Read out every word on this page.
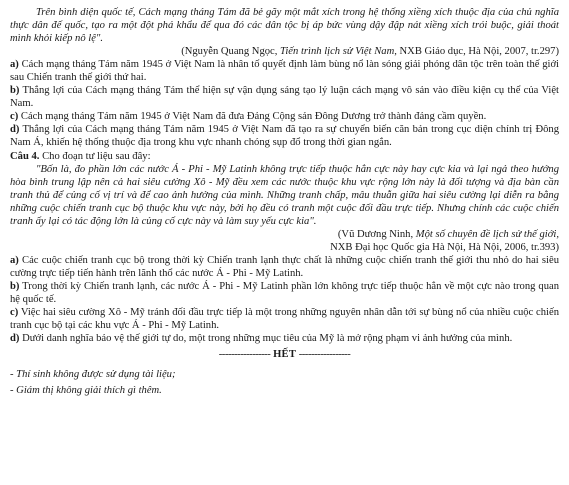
Trên bình diện quốc tế, Cách mạng tháng Tám đã bẻ gãy một mắt xích trong hệ thống xiềng xích thuộc địa của chủ nghĩa thực dân đế quốc, tạo ra một đột phá khẩu để qua đó các dân tộc bị áp bức vùng dậy đập nát xiềng xích trói buộc, giải thoát mình khỏi kiếp nô lệ".

(Nguyễn Quang Ngọc, Tiến trình lịch sử Việt Nam, NXB Giáo dục, Hà Nội, 2007, tr.297)

a) Cách mạng tháng Tám năm 1945 ở Việt Nam là nhân tố quyết định làm bùng nổ làn sóng giải phóng dân tộc trên toàn thế giới sau Chiến tranh thế giới thứ hai.

b) Thắng lợi của Cách mạng tháng Tám thể hiện sự vận dụng sáng tạo lý luận cách mạng vô sản vào điều kiện cụ thể của Việt Nam.

c) Cách mạng tháng Tám năm 1945 ở Việt Nam đã đưa Đảng Cộng sản Đông Dương trở thành đảng cầm quyền.

d) Thắng lợi của Cách mạng tháng Tám năm 1945 ở Việt Nam đã tạo ra sự chuyển biến căn bản trong cục diện chính trị Đông Nam Á, khiến hệ thống thuộc địa trong khu vực nhanh chóng sụp đổ trong thời gian ngắn.

Câu 4. Cho đoạn tư liệu sau đây:

"Bốn là, đo phần lớn các nước Á - Phi - Mỹ Latinh không trực tiếp thuộc hẳn cực này hay cực kia và lại ngả theo hướng hòa bình trung lập nên cả hai siêu cường Xô - Mỹ đều xem các nước thuộc khu vực rộng lớn này là đối tượng và địa bàn cần tranh thủ để củng cố vị trí và để cao ảnh hưởng của mình. Những tranh chấp, mâu thuẫn giữa hai siêu cường lại diễn ra bằng những cuộc chiến tranh cục bộ thuộc khu vực này, bởi họ đều có tranh một cuộc đối đầu trực tiếp. Nhưng chính các cuộc chiến tranh ấy lại có tác động lớn là củng cố cực này và làm suy yếu cực kia".

(Vũ Dương Ninh, Một số chuyên đề lịch sử thế giới,

NXB Đại học Quốc gia Hà Nội, Hà Nội, 2006, tr.393)

a) Các cuộc chiến tranh cục bộ trong thời kỳ Chiến tranh lạnh thực chất là những cuộc chiến tranh thế giới thu nhỏ do hai siêu cường trực tiếp tiến hành trên lãnh thổ các nước Á - Phi - Mỹ Latinh.

b) Trong thời kỳ Chiến tranh lạnh, các nước Á - Phi - Mỹ Latinh phần lớn không trực tiếp thuộc hẳn về một cực nào trong quan hệ quốc tế.

c) Việc hai siêu cường Xô - Mỹ tránh đối đầu trực tiếp là một trong những nguyên nhân dẫn tới sự bùng nổ của nhiều cuộc chiến tranh cục bộ tại các khu vực Á - Phi - Mỹ Latinh.

d) Dưới danh nghĩa bảo vệ thế giới tự do, một trong những mục tiêu của Mỹ là mở rộng phạm vi ảnh hưởng của mình.

----------------- HẾT -----------------

- Thí sinh không được sử dụng tài liệu;

- Giám thị không giải thích gì thêm.
